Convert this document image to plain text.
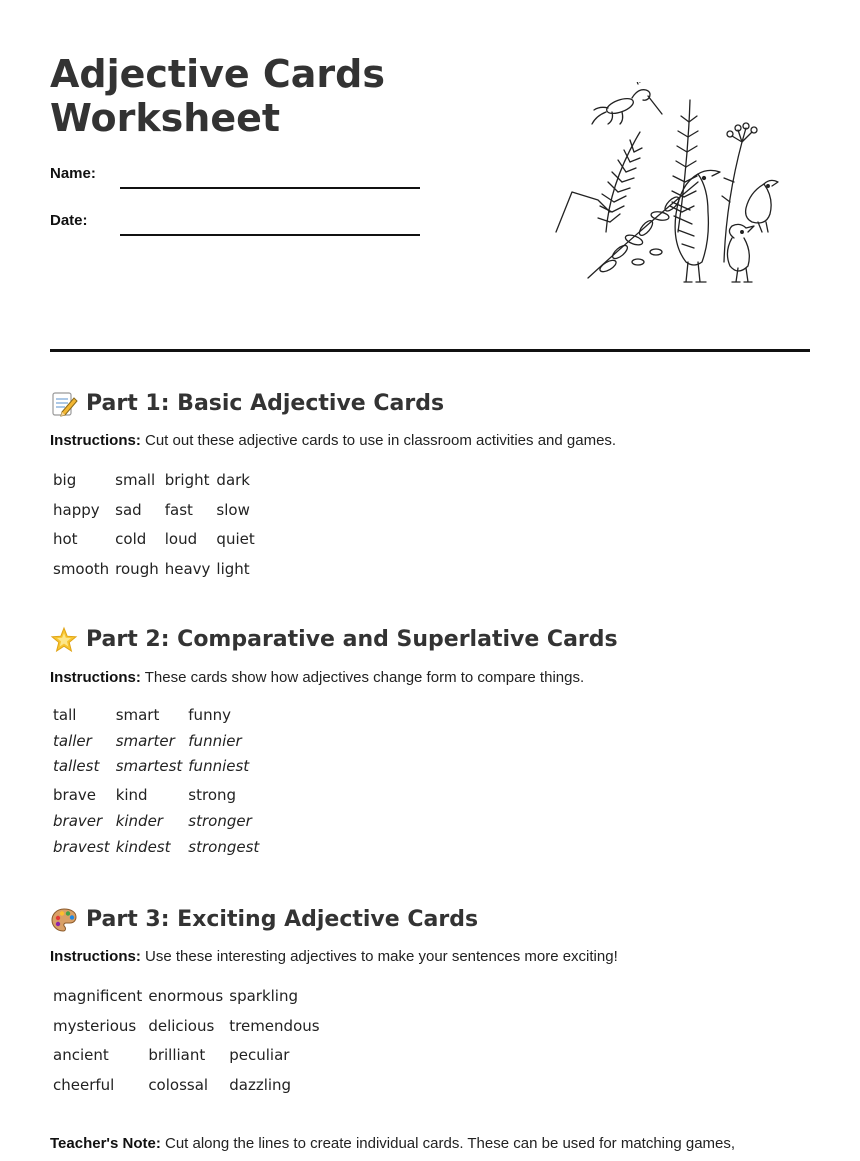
Adjective Cards
Worksheet
Name:
Date:
Part 1: Basic Adjective Cards
Instructions: Cut out these adjective cards to use in classroom activities and games.
big	small	bright	dark
happy	sad	fast	slow
hot	cold	loud	quiet
smooth	rough	heavy	light
Part 2: Comparative and Superlative Cards
Instructions: These cards show how adjectives change form to compare things.
tall	smart	funny
taller	smarter	funnier
tallest	smartest	funniest
brave	kind	strong
braver	kinder	stronger
bravest	kindest	strongest
Part 3: Exciting Adjective Cards
Instructions: Use these interesting adjectives to make your sentences more exciting!
magnificent	enormous	sparkling
mysterious	delicious	tremendous
ancient	brilliant	peculiar
cheerful	colossal	dazzling
Teacher's Note: Cut along the lines to create individual cards. These can be used for matching games,
